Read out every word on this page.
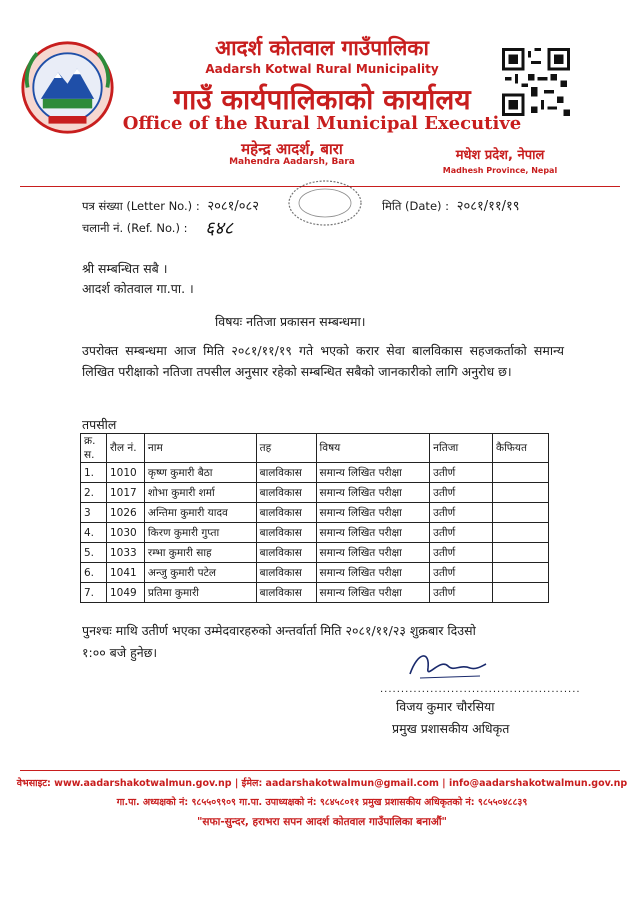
आदर्श कोतवाल गाउँपालिका
Aadarsh Kotwal Rural Municipality
गाउँ कार्यपालिकाको कार्यालय
Office of the Rural Municipal Executive
महेन्द्र आदर्श, बारा
Mahendra Aadarsh, Bara	मधेश प्रदेश, नेपाल
Madhesh Province, Nepal
पत्र संख्या (Letter No.) : २०८१/०८२	मिति (Date) : २०८१/११/१९
चलानी नं. (Ref. No.) : ६४८
श्री सम्बन्धित सबै ।
आदर्श कोतवाल गा.पा. ।
विषयः नतिजा प्रकासन सम्बन्धमा।
उपरोक्त सम्बन्धमा आज मिति २०८१/११/१९ गते भएको करार सेवा बालविकास सहजकर्ताको समान्य लिखित परीक्षाको नतिजा तपसील अनुसार रहेको सम्बन्धित सबैको जानकारीको लागि अनुरोध छ।
तपसील
क्र. स.	रौल नं.	नाम	तह	विषय	नतिजा	कैफियत
1.	1010	कृष्ण कुमारी बैठा	बालविकास	समान्य लिखित परीक्षा	उतीर्ण	
2.	1017	शोभा कुमारी शर्मा	बालविकास	समान्य लिखित परीक्षा	उतीर्ण	
3	1026	अन्तिमा कुमारी यादव	बालविकास	समान्य लिखित परीक्षा	उतीर्ण	
4.	1030	किरण कुमारी गुप्ता	बालविकास	समान्य लिखित परीक्षा	उतीर्ण	
5.	1033	रम्भा कुमारी साह	बालविकास	समान्य लिखित परीक्षा	उतीर्ण	
6.	1041	अन्जु कुमारी पटेल	बालविकास	समान्य लिखित परीक्षा	उतीर्ण	
7.	1049	प्रतिमा कुमारी	बालविकास	समान्य लिखित परीक्षा	उतीर्ण	
पुनश्चः माथि उतीर्ण भएका उम्मेदवारहरुको अन्तर्वार्ता मिति २०८१/११/२३ शुक्रबार दिउसो
१:०० बजे हुनेछ।
................................................
विजय कुमार चौरसिया
प्रमुख प्रशासकीय अधिकृत
वेभसाइट: www.aadarshakotwalmun.gov.np | ईमेल: aadarshakotwalmun@gmail.com | info@aadarshakotwalmun.gov.np
गा.पा. अध्यक्षको नं: ९८५५०९९०९ गा.पा. उपाध्यक्षको नं: ९८४५८०११ प्रमुख प्रशासकीय अधिकृतको नं: ९८५५०४८८३९
"सफा-सुन्दर, हराभरा सपन आदर्श कोतवाल गाउँपालिका बनाऔं"
